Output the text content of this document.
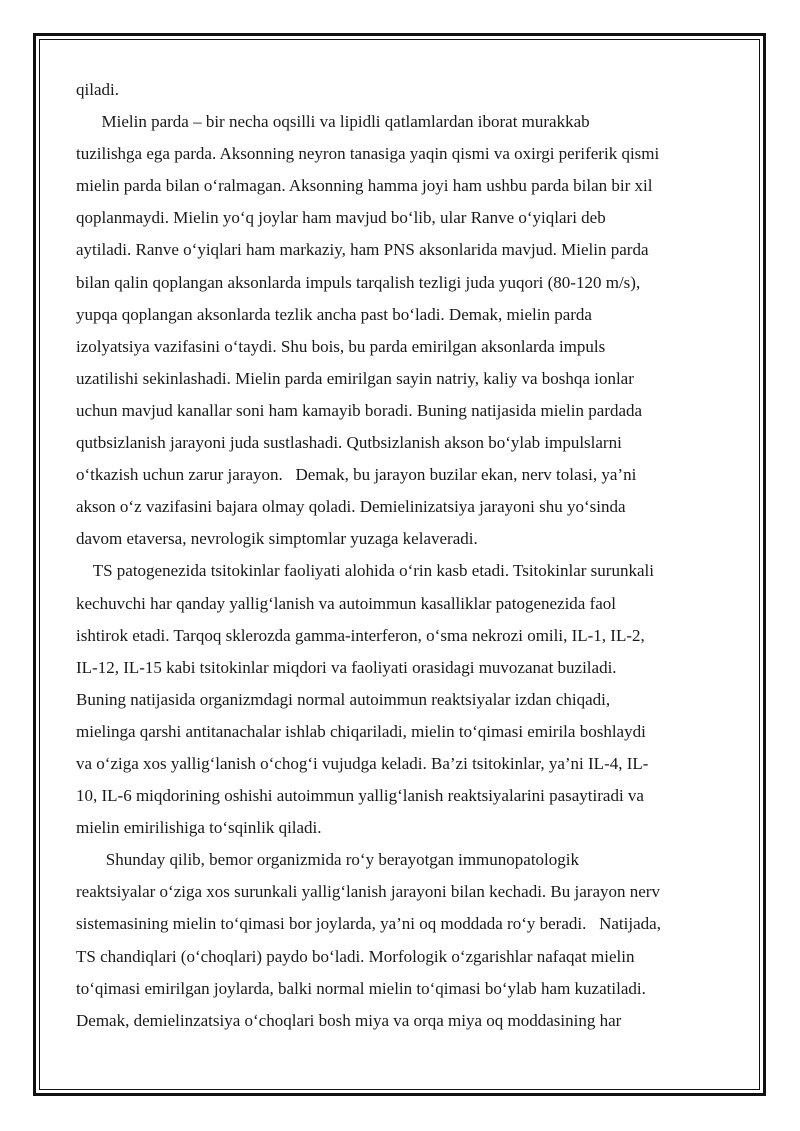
qiladi.
Mielin parda – bir necha oqsilli va lipidli qatlamlardan iborat murakkab
tuzilishga ega parda. Aksonning neyron tanasiga yaqin qismi va oxirgi periferik qismi
mielin parda bilan o‘ralmagan. Aksonning hamma joyi ham ushbu parda bilan bir xil
qoplanmaydi. Mielin yo‘q joylar ham mavjud bo‘lib, ular Ranve o‘yiqlari deb
aytiladi. Ranve o‘yiqlari ham markaziy, ham PNS aksonlarida mavjud. Mielin parda
bilan qalin qoplangan aksonlarda impuls tarqalish tezligi juda yuqori (80-120 m/s),
yupqa qoplangan aksonlarda tezlik ancha past bo‘ladi. Demak, mielin parda
izolyatsiya vazifasini o‘taydi. Shu bois, bu parda emirilgan aksonlarda impuls
uzatilishi sekinlashadi. Mielin parda emirilgan sayin natriy, kaliy va boshqa ionlar
uchun mavjud kanallar soni ham kamayib boradi. Buning natijasida mielin pardada
qutbsizlanish jarayoni juda sustlashadi. Qutbsizlanish akson bo‘ylab impulslarni
o‘tkazish uchun zarur jarayon.   Demak, bu jarayon buzilar ekan, nerv tolasi, ya’ni
akson o‘z vazifasini bajara olmay qoladi. Demielinizatsiya jarayoni shu yo‘sinda
davom etaversa, nevrologik simptomlar yuzaga kelaveradi.
TS patogenezida tsitokinlar faoliyati alohida o‘rin kasb etadi. Tsitokinlar surunkali
kechuvchi har qanday yallig‘lanish va autoimmun kasalliklar patogenezida faol
ishtirok etadi. Tarqoq sklerozda gamma-interferon, o‘sma nekrozi omili, IL-1, IL-2,
IL-12, IL-15 kabi tsitokinlar miqdori va faoliyati orasidagi muvozanat buziladi.
Buning natijasida organizmdagi normal autoimmun reaktsiyalar izdan chiqadi,
mielinga qarshi antitanachalar ishlab chiqariladi, mielin to‘qimasi emirila boshlaydi
va o‘ziga xos yallig‘lanish o‘chog‘i vujudga keladi. Ba’zi tsitokinlar, ya’ni IL-4, IL-
10, IL-6 miqdorining oshishi autoimmun yallig‘lanish reaktsiyalarini pasaytiradi va
mielin emirilishiga to‘sqinlik qiladi.
Shunday qilib, bemor organizmida ro‘y berayotgan immunopatologik
reaktsiyalar o‘ziga xos surunkali yallig‘lanish jarayoni bilan kechadi. Bu jarayon nerv
sistemasining mielin to‘qimasi bor joylarda, ya’ni oq moddada ro‘y beradi.   Natijada,
TS chandiqlari (o‘choqlari) paydo bo‘ladi. Morfologik o‘zgarishlar nafaqat mielin
to‘qimasi emirilgan joylarda, balki normal mielin to‘qimasi bo‘ylab ham kuzatiladi.
Demak, demielinzatsiya o‘choqlari bosh miya va orqa miya oq moddasining har
